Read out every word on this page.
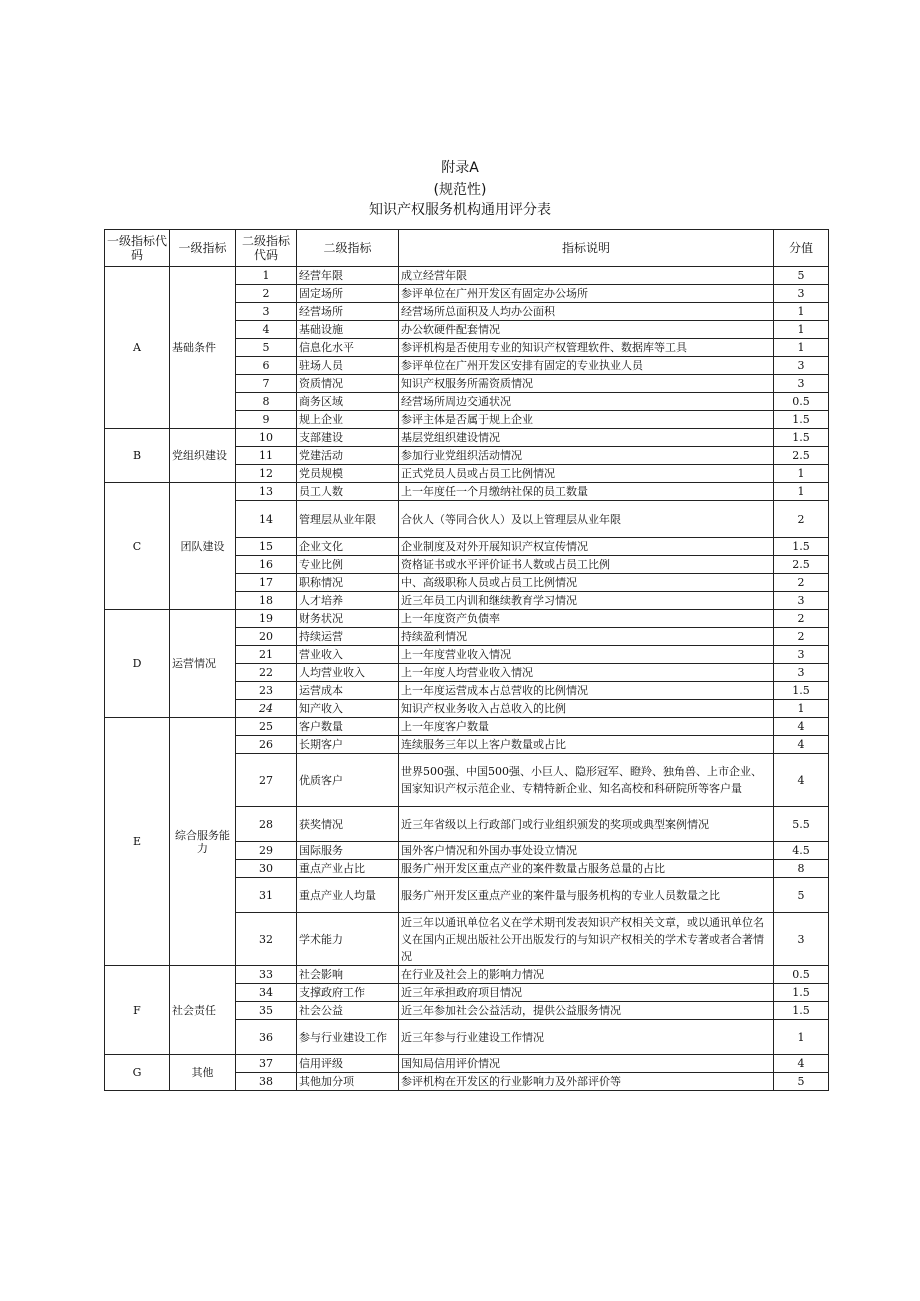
附录A
(规范性)
知识产权服务机构通用评分表
一级指标代码	一级指标	二级指标代码	二级指标	指标说明	分值
A	基础条件	1	经营年限	成立经营年限	5
		2	固定场所	参评单位在广州开发区有固定办公场所	3
		3	经营场所	经营场所总面积及人均办公面积	1
		4	基础设施	办公软硬件配套情况	1
		5	信息化水平	参评机构是否使用专业的知识产权管理软件、数据库等工具	1
		6	驻场人员	参评单位在广州开发区安排有固定的专业执业人员	3
		7	资质情况	知识产权服务所需资质情况	3
		8	商务区域	经营场所周边交通状况	0.5
		9	规上企业	参评主体是否属于规上企业	1.5
B	党组织建设	10	支部建设	基层党组织建设情况	1.5
		11	党建活动	参加行业党组织活动情况	2.5
		12	党员规模	正式党员人员或占员工比例情况	1
C	团队建设	13	员工人数	上一年度任一个月缴纳社保的员工数量	1
		14	管理层从业年限	合伙人（等同合伙人）及以上管理层从业年限	2
		15	企业文化	企业制度及对外开展知识产权宣传情况	1.5
		16	专业比例	资格证书或水平评价证书人数或占员工比例	2.5
		17	职称情况	中、高级职称人员或占员工比例情况	2
		18	人才培养	近三年员工内训和继续教育学习情况	3
D	运营情况	19	财务状况	上一年度资产负债率	2
		20	持续运营	持续盈利情况	2
		21	营业收入	上一年度营业收入情况	3
		22	人均营业收入	上一年度人均营业收入情况	3
		23	运营成本	上一年度运营成本占总营收的比例情况	1.5
		24	知产收入	知识产权业务收入占总收入的比例	1
E	综合服务能力	25	客户数量	上一年度客户数量	4
		26	长期客户	连续服务三年以上客户数量或占比	4
		27	优质客户	世界500强、中国500强、小巨人、隐形冠军、瞪羚、独角兽、上市企业、国家知识产权示范企业、专精特新企业、知名高校和科研院所等客户量	4
		28	获奖情况	近三年省级以上行政部门或行业组织颁发的奖项或典型案例情况	5.5
		29	国际服务	国外客户情况和外国办事处设立情况	4.5
		30	重点产业占比	服务广州开发区重点产业的案件数量占服务总量的占比	8
		31	重点产业人均量	服务广州开发区重点产业的案件量与服务机构的专业人员数量之比	5
		32	学术能力	近三年以通讯单位名义在学术期刊发表知识产权相关文章，或以通讯单位名义在国内正规出版社公开出版发行的与知识产权相关的学术专著或者合著情况	3
F	社会责任	33	社会影响	在行业及社会上的影响力情况	0.5
		34	支撑政府工作	近三年承担政府项目情况	1.5
		35	社会公益	近三年参加社会公益活动，提供公益服务情况	1.5
		36	参与行业建设工作	近三年参与行业建设工作情况	1
G	其他	37	信用评级	国知局信用评价情况	4
		38	其他加分项	参评机构在开发区的行业影响力及外部评价等	5
